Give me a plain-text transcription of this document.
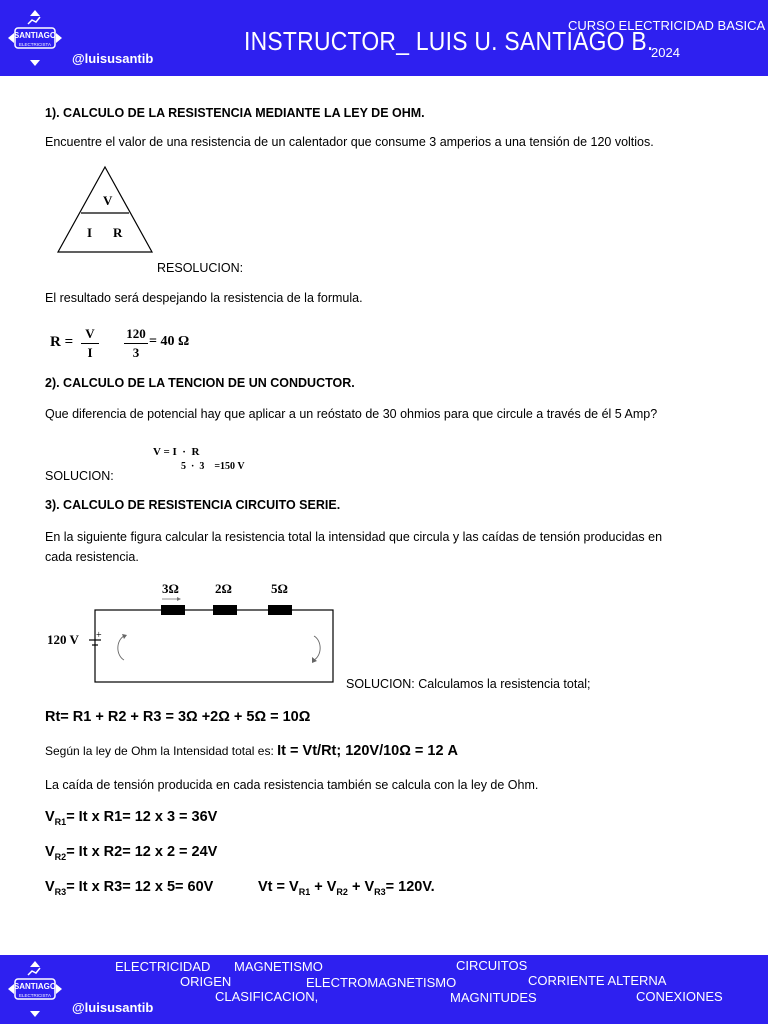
SANTIAGO
ELECTRICISTA
@luisusantib
INSTRUCTOR_ LUIS U. SANTIAGO B.
CURSO ELECTRICIDAD BASICA
2024
1). CALCULO DE LA RESISTENCIA MEDIANTE LA LEY DE OHM.
Encuentre el valor de una resistencia de un calentador que consume 3 amperios a una tensión de 120 voltios.
V
I R
RESOLUCION:
El resultado será despejando la resistencia de la formula.
R =
V
I
120
3
= 40 Ω
2). CALCULO DE LA TENCION DE UN CONDUCTOR.
Que diferencia de potencial hay que aplicar a un reóstato de 30 ohmios para que circule a través de él 5 Amp?
V = I  ·  R
5  ·  3    =150 V
SOLUCION:
3). CALCULO DE RESISTENCIA CIRCUITO SERIE.
En la siguiente figura calcular la resistencia total la intensidad que circula y las caídas de tensión producidas en
cada resistencia.
3Ω	2Ω	5Ω
120 V +
SOLUCION: Calculamos la resistencia total;
Rt= R1 + R2 + R3 = 3Ω +2Ω + 5Ω = 10Ω
Según la ley de Ohm la Intensidad total es: It = Vt/Rt; 120V/10Ω = 12 A
La caída de tensión producida en cada resistencia también se calcula con la ley de Ohm.
$V_{R1}= It$ x R1= 12 x 3 = 36V
$V_{R2}= It$ x R2= 12 x 2 = 24V
$V_{R3}= It$ x R3= 12 x 5= 60V	$Vt = V_{R1} + V_{R2} + V_{R3}= 120V$.
SANTIAGO
ELECTRICISTA
@luisusantib
ELECTRICIDAD MAGNETISMO	CIRCUITOS
ORIGEN	ELECTROMAGNETISMO	CORRIENTE ALTERNA
CLASIFICACION,	MAGNITUDES	CONEXIONES
